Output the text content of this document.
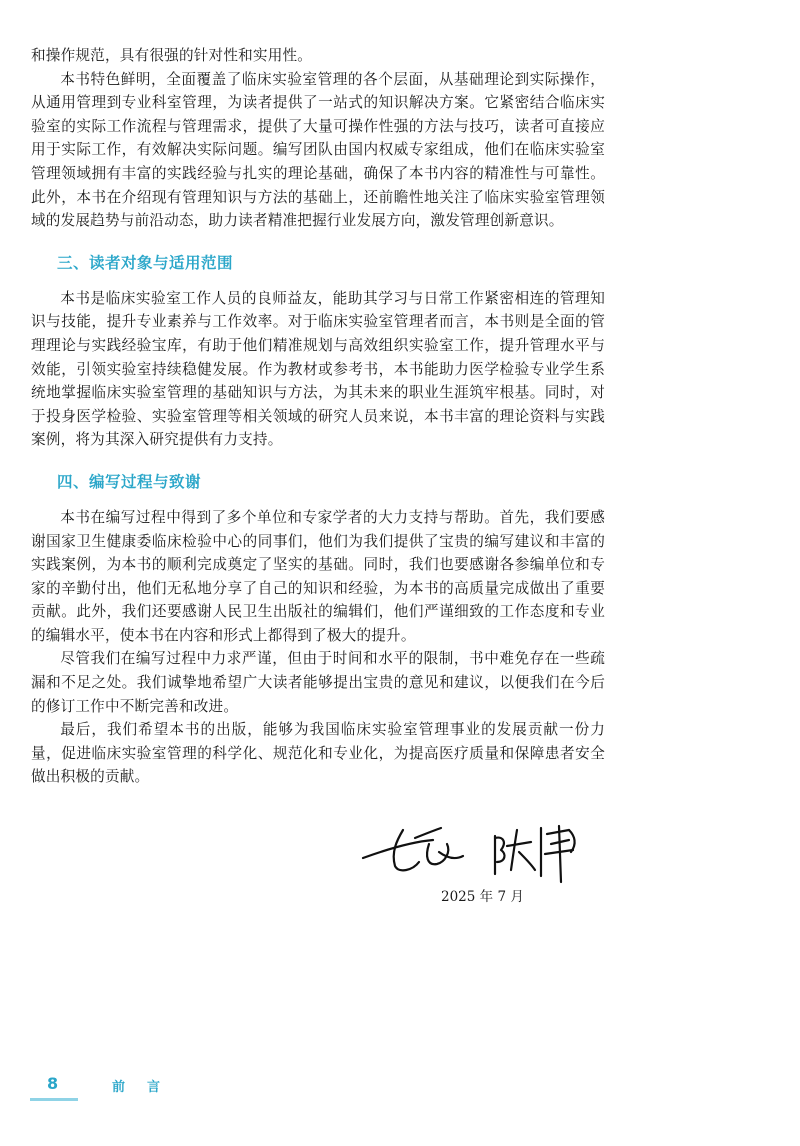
和操作规范，具有很强的针对性和实用性。

本书特色鲜明，全面覆盖了临床实验室管理的各个层面，从基础理论到实际操作，从通用管理到专业科室管理，为读者提供了一站式的知识解决方案。它紧密结合临床实验室的实际工作流程与管理需求，提供了大量可操作性强的方法与技巧，读者可直接应用于实际工作，有效解决实际问题。编写团队由国内权威专家组成，他们在临床实验室管理领域拥有丰富的实践经验与扎实的理论基础，确保了本书内容的精准性与可靠性。此外，本书在介绍现有管理知识与方法的基础上，还前瞻性地关注了临床实验室管理领域的发展趋势与前沿动态，助力读者精准把握行业发展方向，激发管理创新意识。

三、读者对象与适用范围

本书是临床实验室工作人员的良师益友，能助其学习与日常工作紧密相连的管理知识与技能，提升专业素养与工作效率。对于临床实验室管理者而言，本书则是全面的管理理论与实践经验宝库，有助于他们精准规划与高效组织实验室工作，提升管理水平与效能，引领实验室持续稳健发展。作为教材或参考书，本书能助力医学检验专业学生系统地掌握临床实验室管理的基础知识与方法，为其未来的职业生涯筑牢根基。同时，对于投身医学检验、实验室管理等相关领域的研究人员来说，本书丰富的理论资料与实践案例，将为其深入研究提供有力支持。

四、编写过程与致谢

本书在编写过程中得到了多个单位和专家学者的大力支持与帮助。首先，我们要感谢国家卫生健康委临床检验中心的同事们，他们为我们提供了宝贵的编写建议和丰富的实践案例，为本书的顺利完成奠定了坚实的基础。同时，我们也要感谢各参编单位和专家的辛勤付出，他们无私地分享了自己的知识和经验，为本书的高质量完成做出了重要贡献。此外，我们还要感谢人民卫生出版社的编辑们，他们严谨细致的工作态度和专业的编辑水平，使本书在内容和形式上都得到了极大的提升。

尽管我们在编写过程中力求严谨，但由于时间和水平的限制，书中难免存在一些疏漏和不足之处。我们诚挚地希望广大读者能够提出宝贵的意见和建议，以便我们在今后的修订工作中不断完善和改进。

最后，我们希望本书的出版，能够为我国临床实验室管理事业的发展贡献一份力量，促进临床实验室管理的科学化、规范化和专业化，为提高医疗质量和保障患者安全做出积极的贡献。

2025 年 7 月
8	前言
